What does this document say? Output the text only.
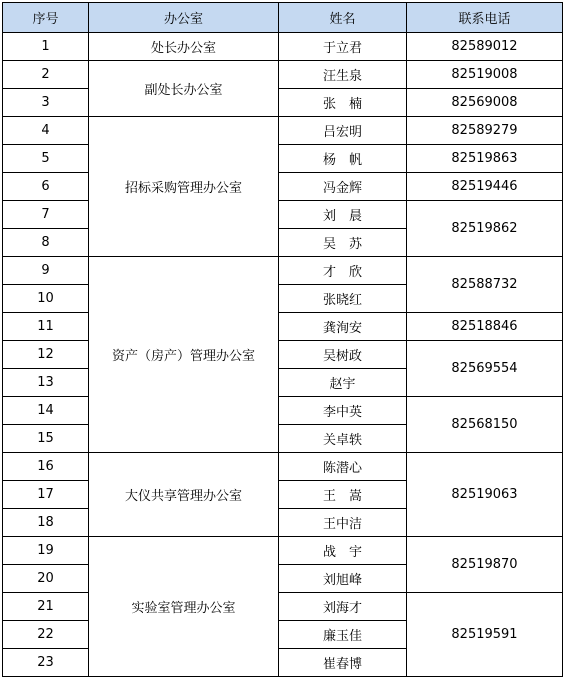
序号	办公室	姓名	联系电话
1	处长办公室	于立君	82589012
2	副处长办公室	汪生泉	82519008
3		张　楠	82569008
4	招标采购管理办公室	吕宏明	82589279
5		杨　帆	82519863
6		冯金辉	82519446
7		刘　晨	82519862
8		吴　苏	
9	资产（房产）管理办公室	才　欣	82588732
10		张晓红	
11		龚洵安	82518846
12		吴树政	82569554
13		赵宇	
14		李中英	82568150
15		关卓轶	
16	大仪共享管理办公室	陈潜心	82519063
17		王　嵩	
18		王中洁	
19	实验室管理办公室	战　宇	82519870
20		刘旭峰	
21		刘海才	82519591
22		廉玉佳	
23		崔春博	
